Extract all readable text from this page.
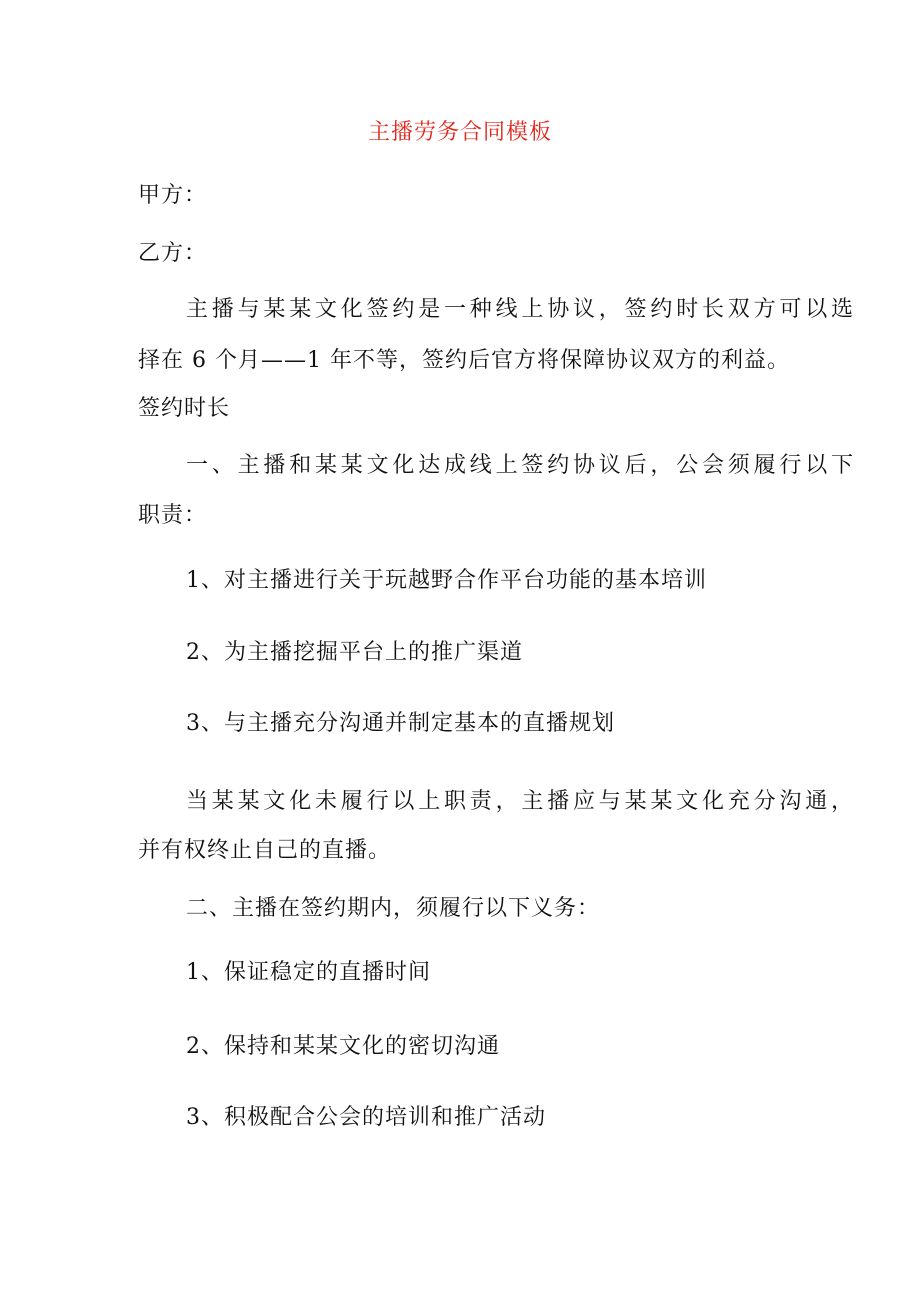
主播劳务合同模板
甲方：
乙方：
主播与某某文化签约是一种线上协议，签约时长双方可以选
择在 6 个月——1 年不等，签约后官方将保障协议双方的利益。
签约时长
一、主播和某某文化达成线上签约协议后，公会须履行以下
职责：
1、对主播进行关于玩越野合作平台功能的基本培训
2、为主播挖掘平台上的推广渠道
3、与主播充分沟通并制定基本的直播规划
当某某文化未履行以上职责，主播应与某某文化充分沟通，
并有权终止自己的直播。
二、主播在签约期内，须履行以下义务：
1、保证稳定的直播时间
2、保持和某某文化的密切沟通
3、积极配合公会的培训和推广活动
